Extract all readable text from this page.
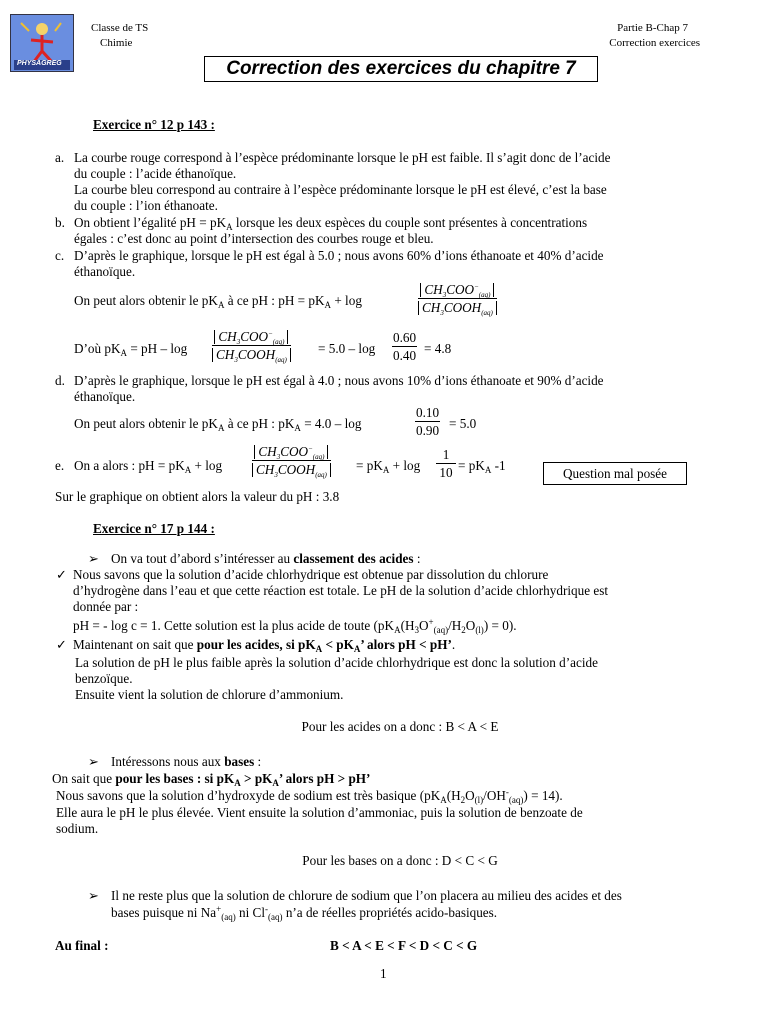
PHYSAGREG
Classe de TS
Chimie
Partie B-Chap 7
Correction exercices
Correction des exercices du chapitre 7
Exercice n° 12 p 143 :
a. La courbe rouge correspond à l’espèce prédominante lorsque le pH est faible. Il s’agit donc de l’acide
du couple : l’acide éthanoïque.
La courbe bleu correspond au contraire à l’espèce prédominante lorsque le pH est élevé, c’est la base
du couple : l’ion éthanoate.
b. On obtient l’égalité pH = $pK_A$ lorsque les deux espèces du couple sont présentes à concentrations
égales : c’est donc au point d’intersection des courbes rouge et bleu.
c. D’après le graphique, lorsque le pH est égal à 5.0 ; nous avons 60% d’ions éthanoate et 40% d’acide
éthanoïque.
On peut alors obtenir le $pK_A$ à ce pH : pH = $pK_A + \log$
$CH_3COO^-_{(aq)}$
$CH_3COOH_{(aq)}$
D’où $pK_A$ = pH – log
$CH_3COO^-_{(aq)}$
$CH_3COOH_{(aq)}$
= $5.0 - \log \frac{0.60}{0.40} = 4.8$
d. D’après le graphique, lorsque le pH est égal à 4.0 ; nous avons 10% d’ions éthanoate et 90% d’acide
éthanoïque.
On peut alors obtenir le $pK_A$ à ce pH : $pK_A = 4.0 - \log$	$\frac{0.10}{0.90} = 5.0$
e. On a alors : pH = $pK_A + \log$
$CH_3COO^-_{(aq)}$
$CH_3COOH_{(aq)}$
= $pK_A + \log \frac{1}{10} = pK_A$ -1
Question mal posée
Sur le graphique on obtient alors la valeur du pH : 3.8
Exercice n° 17 p 144 :
➢ On va tout d’abord s’intéresser au classement des acides :
✓ Nous savons que la solution d’acide chlorhydrique est obtenue par dissolution du chlorure
d’hydrogène dans l’eau et que cette réaction est totale. Le pH de la solution d’acide chlorhydrique est
donnée par :
pH = - log c = 1. Cette solution est la plus acide de toute $(pK_A(H_3O^+_{(aq)}/H_2O_{(l)}) = 0)$.
✓ Maintenant on sait que pour les acides, si $pK_A < pK_A$’ alors pH < pH’.
La solution de pH le plus faible après la solution d’acide chlorhydrique est donc la solution d’acide
benzoïque.
Ensuite vient la solution de chlorure d’ammonium.
Pour les acides on a donc : B < A < E
➢ Intéressons nous aux bases :
On sait que pour les bases : si $pK_A > pK_A$’ alors pH > pH’
Nous savons que la solution d’hydroxyde de sodium est très basique $(pK_A(H_2O_{(l)}/OH^-_{(aq)}) = 14)$.
Elle aura le pH le plus élevée. Vient ensuite la solution d’ammoniac, puis la solution de benzoate de
sodium.
Pour les bases on a donc : D < C < G
➢ Il ne reste plus que la solution de chlorure de sodium que l’on placera au milieu des acides et des
bases puisque ni $Na^+_{(aq)}$ ni $Cl^-_{(aq)}$ n’a de réelles propriétés acido-basiques.
Au final :	B < A < E < F < D < C < G
1
